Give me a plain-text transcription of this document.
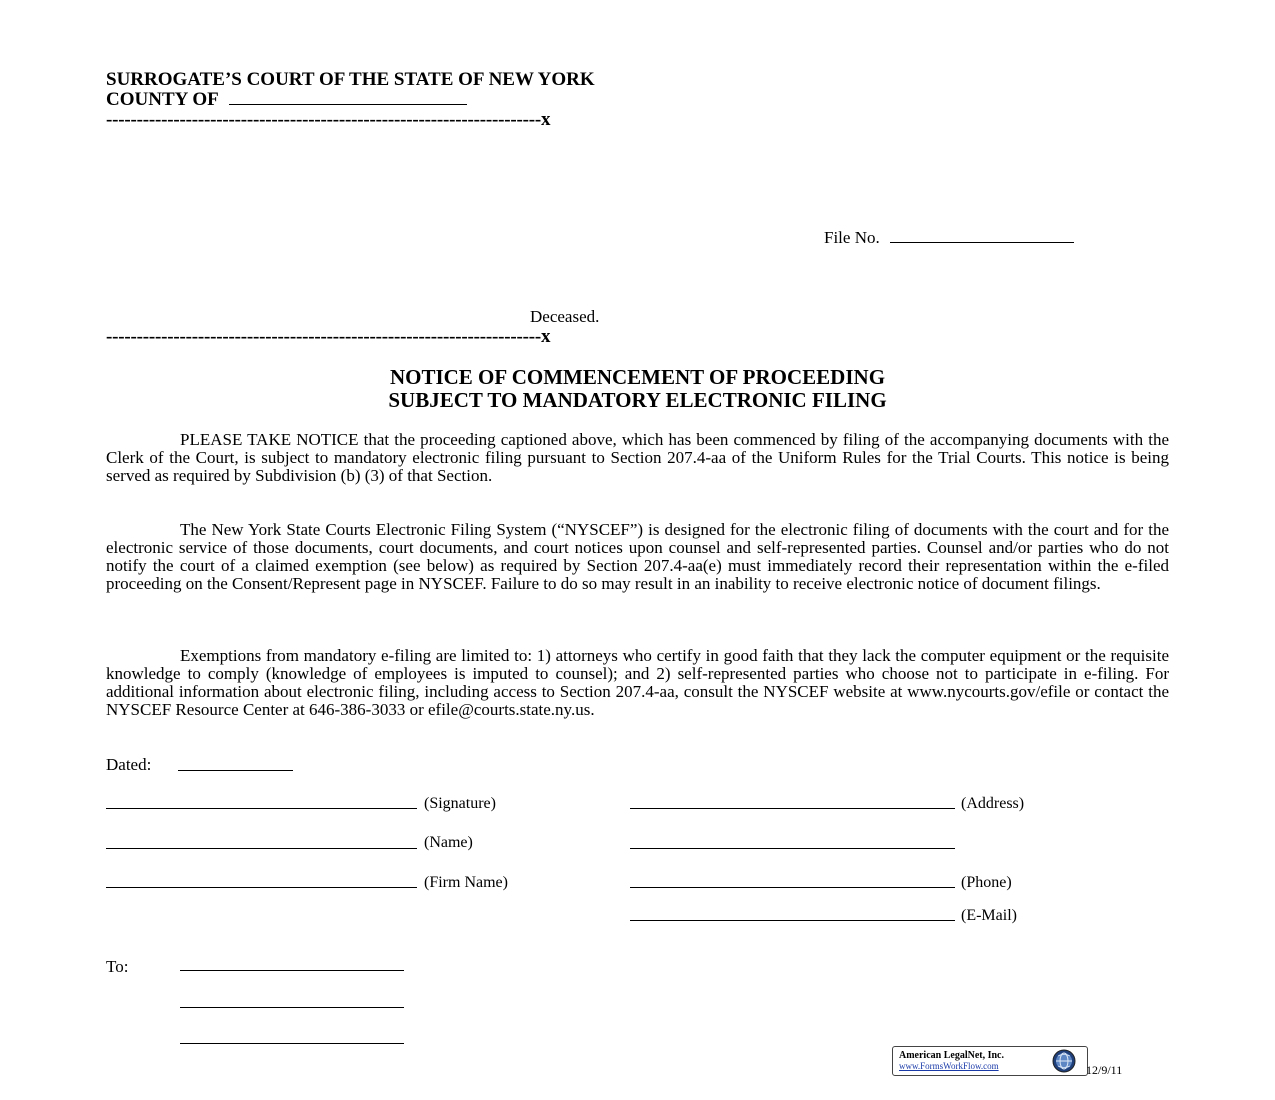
SURROGATE’S COURT OF THE STATE OF NEW YORK
COUNTY OF
-----------------------------------------------------------------------x
File No.
Deceased.
-----------------------------------------------------------------------x
NOTICE OF COMMENCEMENT OF PROCEEDING
SUBJECT TO MANDATORY ELECTRONIC FILING
PLEASE TAKE NOTICE that the proceeding captioned above, which has been commenced by filing of the accompanying documents with the Clerk of the Court, is subject to mandatory electronic filing pursuant to Section 207.4-aa of the Uniform Rules for the Trial Courts. This notice is being served as required by Subdivision (b) (3) of that Section.
The New York State Courts Electronic Filing System (“NYSCEF”) is designed for the electronic filing of documents with the court and for the electronic service of those documents, court documents, and court notices upon counsel and self-represented parties. Counsel and/or parties who do not notify the court of a claimed exemption (see below) as required by Section 207.4-aa(e) must immediately record their representation within the e-filed proceeding on the Consent/Represent page in NYSCEF. Failure to do so may result in an inability to receive electronic notice of document filings.
Exemptions from mandatory e-filing are limited to: 1) attorneys who certify in good faith that they lack the computer equipment or the requisite knowledge to comply (knowledge of employees is imputed to counsel); and 2) self-represented parties who choose not to participate in e-filing. For additional information about electronic filing, including access to Section 207.4-aa, consult the NYSCEF website at www.nycourts.gov/efile or contact the NYSCEF Resource Center at 646-386-3033 or efile@courts.state.ny.us.
Dated:
(Signature)
(Name)
(Firm Name)
(Address)
(Phone)
(E-Mail)
To:
American LegalNet, Inc.
www.FormsWorkFlow.com	12/9/11
